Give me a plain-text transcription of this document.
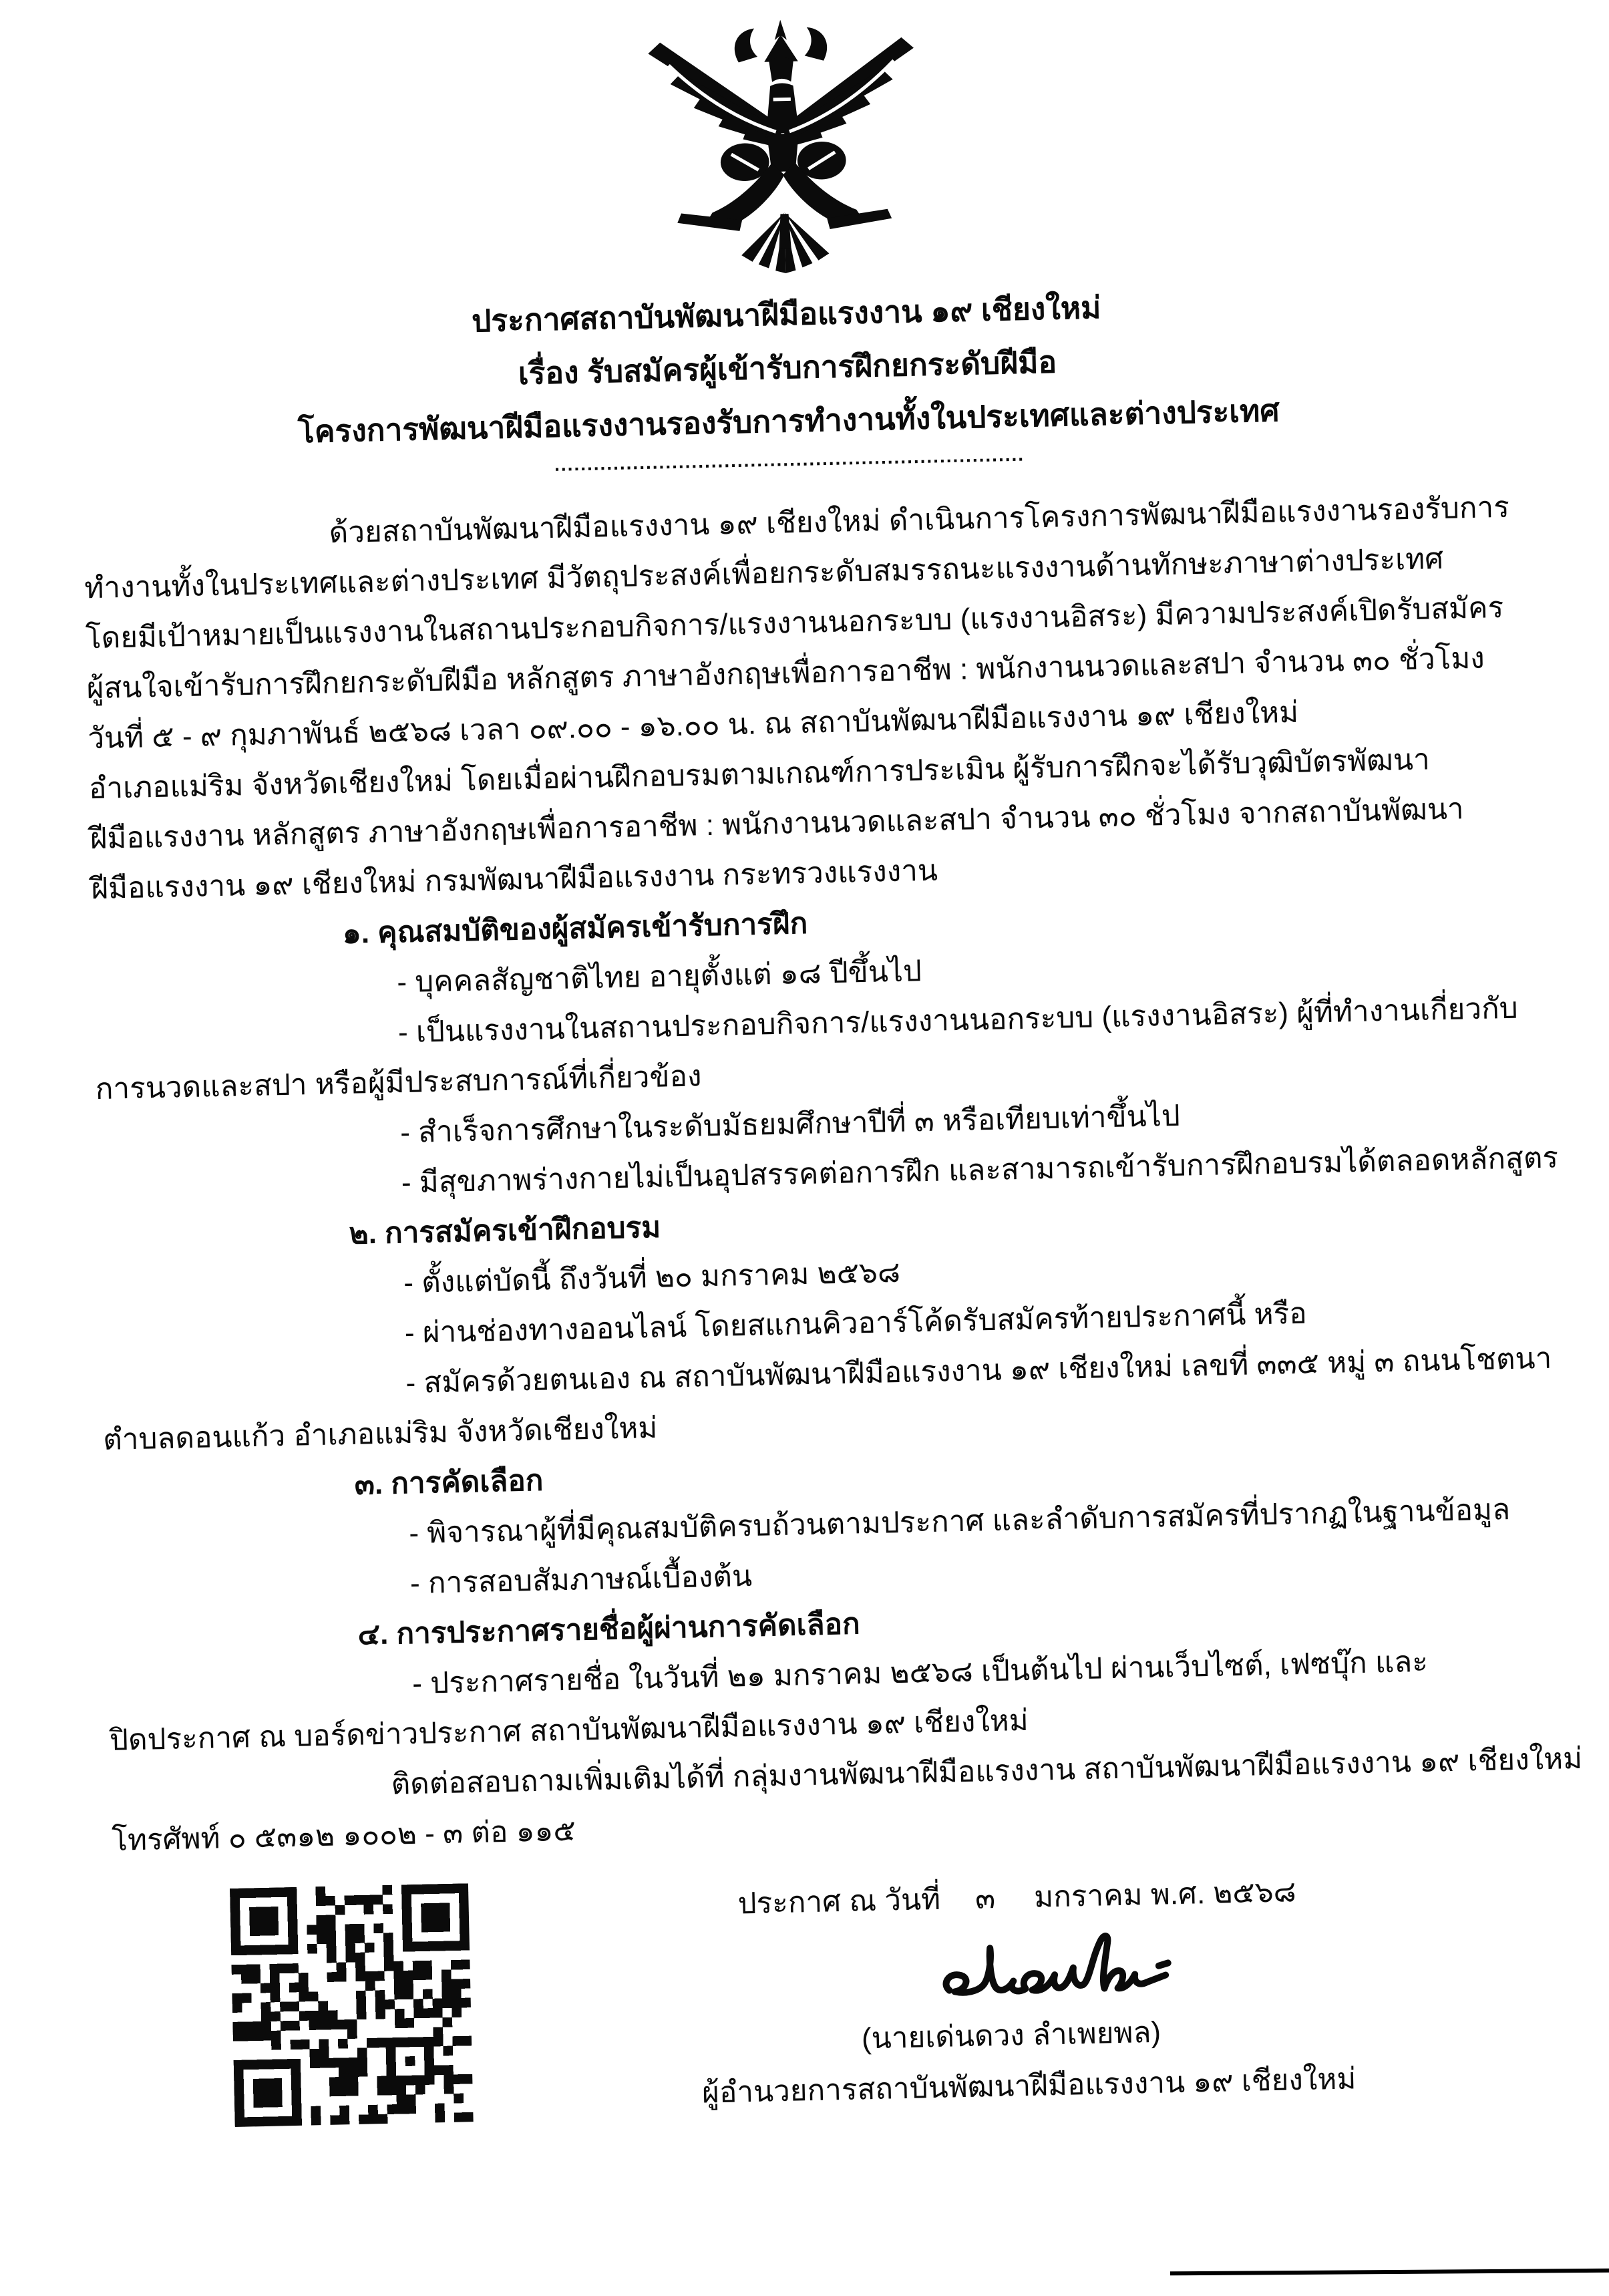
ประกาศสถาบันพัฒนาฝีมือแรงงาน ๑๙ เชียงใหม่
เรื่อง รับสมัครผู้เข้ารับการฝึกยกระดับฝีมือ
โครงการพัฒนาฝีมือแรงงานรองรับการทำงานทั้งในประเทศและต่างประเทศ
........................................................................
ด้วยสถาบันพัฒนาฝีมือแรงงาน ๑๙ เชียงใหม่ ดำเนินการโครงการพัฒนาฝีมือแรงงานรองรับการ
ทำงานทั้งในประเทศและต่างประเทศ มีวัตถุประสงค์เพื่อยกระดับสมรรถนะแรงงานด้านทักษะภาษาต่างประเทศ
โดยมีเป้าหมายเป็นแรงงานในสถานประกอบกิจการ/แรงงานนอกระบบ (แรงงานอิสระ) มีความประสงค์เปิดรับสมัคร
ผู้สนใจเข้ารับการฝึกยกระดับฝีมือ หลักสูตร ภาษาอังกฤษเพื่อการอาชีพ : พนักงานนวดและสปา จำนวน ๓๐ ชั่วโมง
วันที่ ๕ - ๙ กุมภาพันธ์ ๒๕๖๘ เวลา ๐๙.๐๐ - ๑๖.๐๐ น. ณ สถาบันพัฒนาฝีมือแรงงาน ๑๙ เชียงใหม่
อำเภอแม่ริม จังหวัดเชียงใหม่ โดยเมื่อผ่านฝึกอบรมตามเกณฑ์การประเมิน ผู้รับการฝึกจะได้รับวุฒิบัตรพัฒนา
ฝีมือแรงงาน หลักสูตร ภาษาอังกฤษเพื่อการอาชีพ : พนักงานนวดและสปา จำนวน ๓๐ ชั่วโมง จากสถาบันพัฒนา
ฝีมือแรงงาน ๑๙ เชียงใหม่ กรมพัฒนาฝีมือแรงงาน กระทรวงแรงงาน
๑. คุณสมบัติของผู้สมัครเข้ารับการฝึก
- บุคคลสัญชาติไทย อายุตั้งแต่ ๑๘ ปีขึ้นไป
- เป็นแรงงานในสถานประกอบกิจการ/แรงงานนอกระบบ (แรงงานอิสระ) ผู้ที่ทำงานเกี่ยวกับ
การนวดและสปา หรือผู้มีประสบการณ์ที่เกี่ยวข้อง
- สำเร็จการศึกษาในระดับมัธยมศึกษาปีที่ ๓ หรือเทียบเท่าขึ้นไป
- มีสุขภาพร่างกายไม่เป็นอุปสรรคต่อการฝึก และสามารถเข้ารับการฝึกอบรมได้ตลอดหลักสูตร
๒. การสมัครเข้าฝึกอบรม
- ตั้งแต่บัดนี้ ถึงวันที่ ๒๐ มกราคม ๒๕๖๘
- ผ่านช่องทางออนไลน์ โดยสแกนคิวอาร์โค้ดรับสมัครท้ายประกาศนี้ หรือ
- สมัครด้วยตนเอง ณ สถาบันพัฒนาฝีมือแรงงาน ๑๙ เชียงใหม่ เลขที่ ๓๓๕ หมู่ ๓ ถนนโชตนา
ตำบลดอนแก้ว อำเภอแม่ริม จังหวัดเชียงใหม่
๓. การคัดเลือก
- พิจารณาผู้ที่มีคุณสมบัติครบถ้วนตามประกาศ และลำดับการสมัครที่ปรากฏในฐานข้อมูล
- การสอบสัมภาษณ์เบื้องต้น
๔. การประกาศรายชื่อผู้ผ่านการคัดเลือก
- ประกาศรายชื่อ ในวันที่ ๒๑ มกราคม ๒๕๖๘ เป็นต้นไป ผ่านเว็บไซต์, เฟซบุ๊ก และ
ปิดประกาศ ณ บอร์ดข่าวประกาศ สถาบันพัฒนาฝีมือแรงงาน ๑๙ เชียงใหม่
ติดต่อสอบถามเพิ่มเติมได้ที่ กลุ่มงานพัฒนาฝีมือแรงงาน สถาบันพัฒนาฝีมือแรงงาน ๑๙ เชียงใหม่
โทรศัพท์ ๐ ๕๓๑๒ ๑๐๐๒ - ๓ ต่อ ๑๑๕
ประกาศ ณ วันที่ ๓ มกราคม พ.ศ. ๒๕๖๘
(นายเด่นดวง ลำเพยพล)
ผู้อำนวยการสถาบันพัฒนาฝีมือแรงงาน ๑๙ เชียงใหม่
